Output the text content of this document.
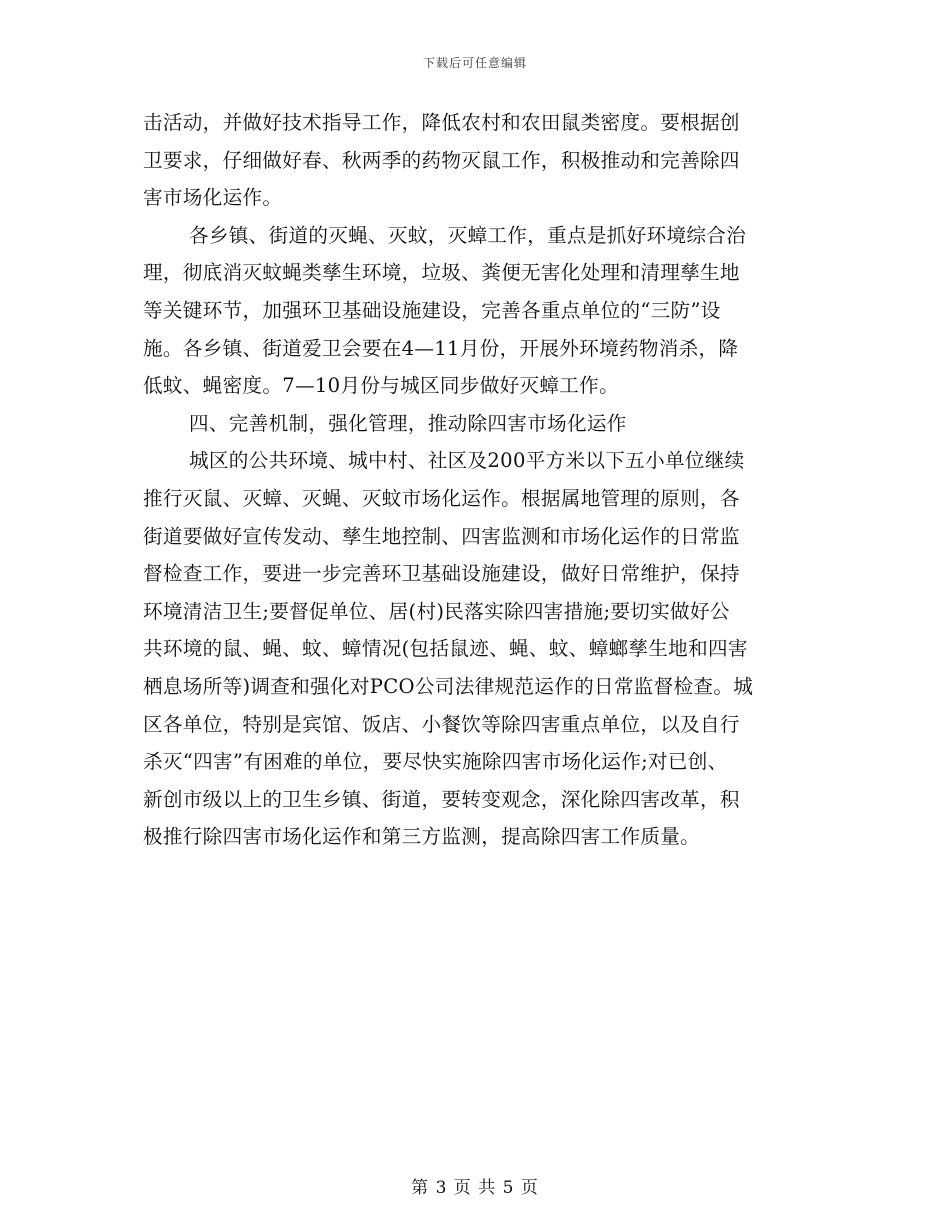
下载后可任意编辑
击活动，并做好技术指导工作，降低农村和农田鼠类密度。要根据创
卫要求，仔细做好春、秋两季的药物灭鼠工作，积极推动和完善除四
害市场化运作。
各乡镇、街道的灭蝇、灭蚊，灭蟑工作，重点是抓好环境综合治
理，彻底消灭蚊蝇类孳生环境，垃圾、粪便无害化处理和清理孳生地
等关键环节，加强环卫基础设施建设，完善各重点单位的“三防”设
施。各乡镇、街道爱卫会要在4—11月份，开展外环境药物消杀，降
低蚊、蝇密度。7—10月份与城区同步做好灭蟑工作。
四、完善机制，强化管理，推动除四害市场化运作
城区的公共环境、城中村、社区及200平方米以下五小单位继续
推行灭鼠、灭蟑、灭蝇、灭蚊市场化运作。根据属地管理的原则，各
街道要做好宣传发动、孳生地控制、四害监测和市场化运作的日常监
督检查工作，要进一步完善环卫基础设施建设，做好日常维护，保持
环境清洁卫生;要督促单位、居(村)民落实除四害措施;要切实做好公
共环境的鼠、蝇、蚊、蟑情况(包括鼠迹、蝇、蚊、蟑螂孳生地和四害
栖息场所等)调查和强化对PCO公司法律规范运作的日常监督检查。城
区各单位，特别是宾馆、饭店、小餐饮等除四害重点单位，以及自行
杀灭“四害”有困难的单位，要尽快实施除四害市场化运作;对已创、
新创市级以上的卫生乡镇、街道，要转变观念，深化除四害改革，积
极推行除四害市场化运作和第三方监测，提高除四害工作质量。
第 3 页 共 5 页
